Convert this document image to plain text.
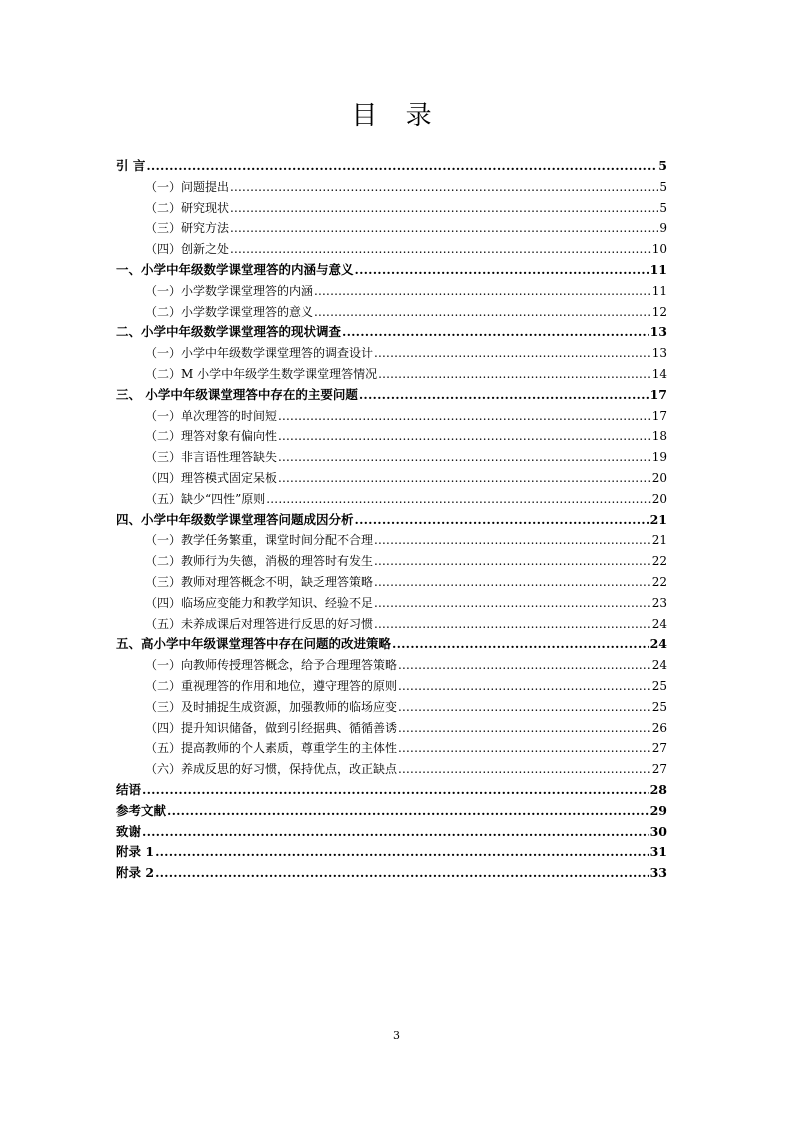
目 录
引 言 .....	5
（一）问题提出 .....	5
（二）研究现状 .....	5
（三）研究方法 .....	9
（四）创新之处 .....	10
一、小学中年级数学课堂理答的内涵与意义 .....	11
（一）小学数学课堂理答的内涵 .....	11
（二）小学数学课堂理答的意义 .....	12
二、小学中年级数学课堂理答的现状调查 .....	13
（一）小学中年级数学课堂理答的调查设计 .....	13
（二）M 小学中年级学生数学课堂理答情况 .....	14
三、 小学中年级课堂理答中存在的主要问题 .....	17
（一）单次理答的时间短 .....	17
（二）理答对象有偏向性 .....	18
（三）非言语性理答缺失 .....	19
（四）理答模式固定呆板 .....	20
（五）缺少“四性”原则 .....	20
四、小学中年级数学课堂理答问题成因分析 .....	21
（一）教学任务繁重，课堂时间分配不合理 .....	21
（二）教师行为失德，消极的理答时有发生 .....	22
（三）教师对理答概念不明，缺乏理答策略 .....	22
（四）临场应变能力和教学知识、经验不足 .....	23
（五）未养成课后对理答进行反思的好习惯 .....	24
五、高小学中年级课堂理答中存在问题的改进策略 .....	24
（一）向教师传授理答概念，给予合理理答策略 .....	24
（二）重视理答的作用和地位，遵守理答的原则 .....	25
（三）及时捕捉生成资源，加强教师的临场应变 .....	25
（四）提升知识储备，做到引经据典、循循善诱 .....	26
（五）提高教师的个人素质，尊重学生的主体性 .....	27
（六）养成反思的好习惯，保持优点，改正缺点 .....	27
结语 .....	28
参考文献 .....	29
致谢 .....	30
附录 1 .....	31
附录 2 .....	33
3
